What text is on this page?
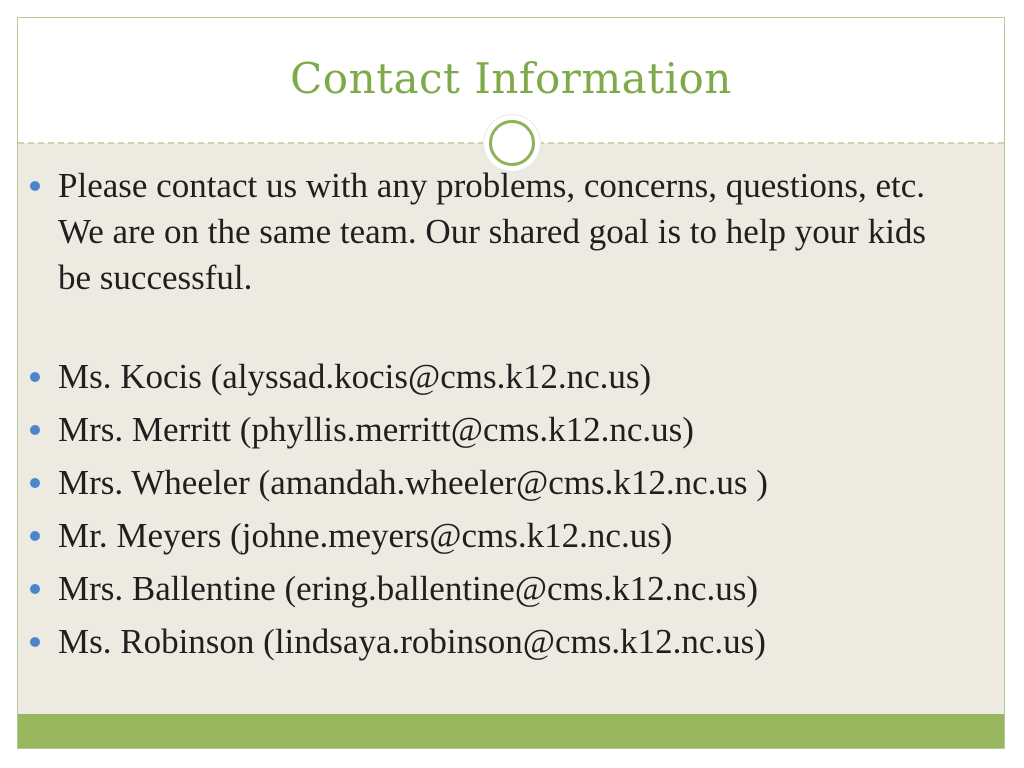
Contact Information
Please contact us with any problems, concerns, questions, etc. We are on the same team. Our shared goal is to help your kids be successful.
Ms. Kocis (alyssad.kocis@cms.k12.nc.us)
Mrs. Merritt (phyllis.merritt@cms.k12.nc.us)
Mrs. Wheeler (amandah.wheeler@cms.k12.nc.us )
Mr. Meyers (johne.meyers@cms.k12.nc.us)
Mrs. Ballentine (ering.ballentine@cms.k12.nc.us)
Ms. Robinson (lindsaya.robinson@cms.k12.nc.us)
